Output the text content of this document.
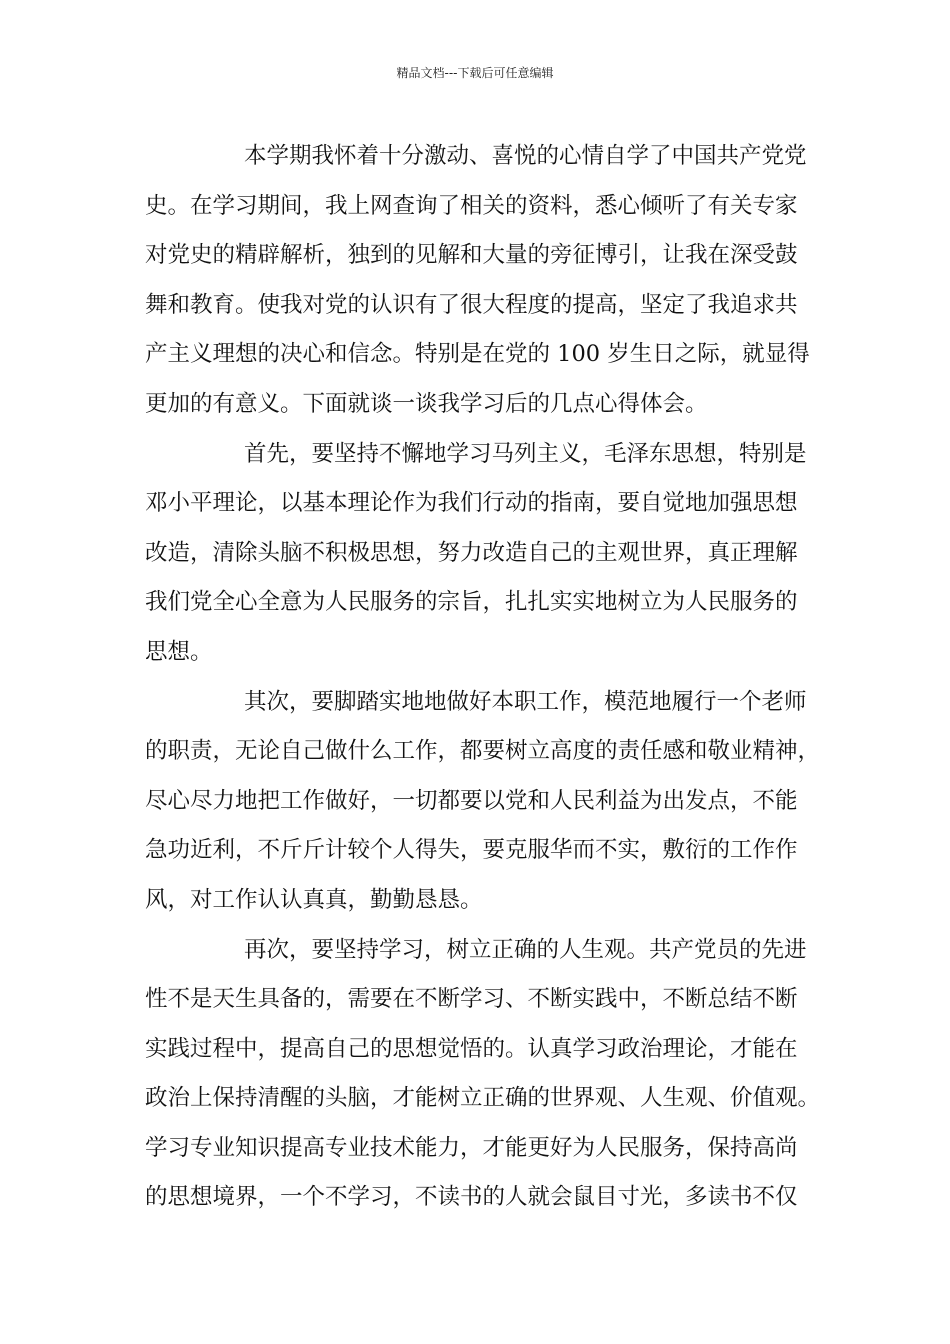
精品文档---下载后可任意编辑
本学期我怀着十分激动、喜悦的心情自学了中国共产党党
史。在学习期间，我上网查询了相关的资料，悉心倾听了有关专家
对党史的精辟解析，独到的见解和大量的旁征博引，让我在深受鼓
舞和教育。使我对党的认识有了很大程度的提高，坚定了我追求共
产主义理想的决心和信念。特别是在党的 100 岁生日之际，就显得
更加的有意义。下面就谈一谈我学习后的几点心得体会。
首先，要坚持不懈地学习马列主义，毛泽东思想，特别是
邓小平理论，以基本理论作为我们行动的指南，要自觉地加强思想
改造，清除头脑不积极思想，努力改造自己的主观世界，真正理解
我们党全心全意为人民服务的宗旨，扎扎实实地树立为人民服务的
思想。
其次，要脚踏实地地做好本职工作，模范地履行一个老师
的职责，无论自己做什么工作，都要树立高度的责任感和敬业精神，
尽心尽力地把工作做好，一切都要以党和人民利益为出发点，不能
急功近利，不斤斤计较个人得失，要克服华而不实，敷衍的工作作
风，对工作认认真真，勤勤恳恳。
再次，要坚持学习，树立正确的人生观。共产党员的先进
性不是天生具备的，需要在不断学习、不断实践中，不断总结不断
实践过程中，提高自己的思想觉悟的。认真学习政治理论，才能在
政治上保持清醒的头脑，才能树立正确的世界观、人生观、价值观。
学习专业知识提高专业技术能力，才能更好为人民服务，保持高尚
的思想境界，一个不学习，不读书的人就会鼠目寸光，多读书不仅
